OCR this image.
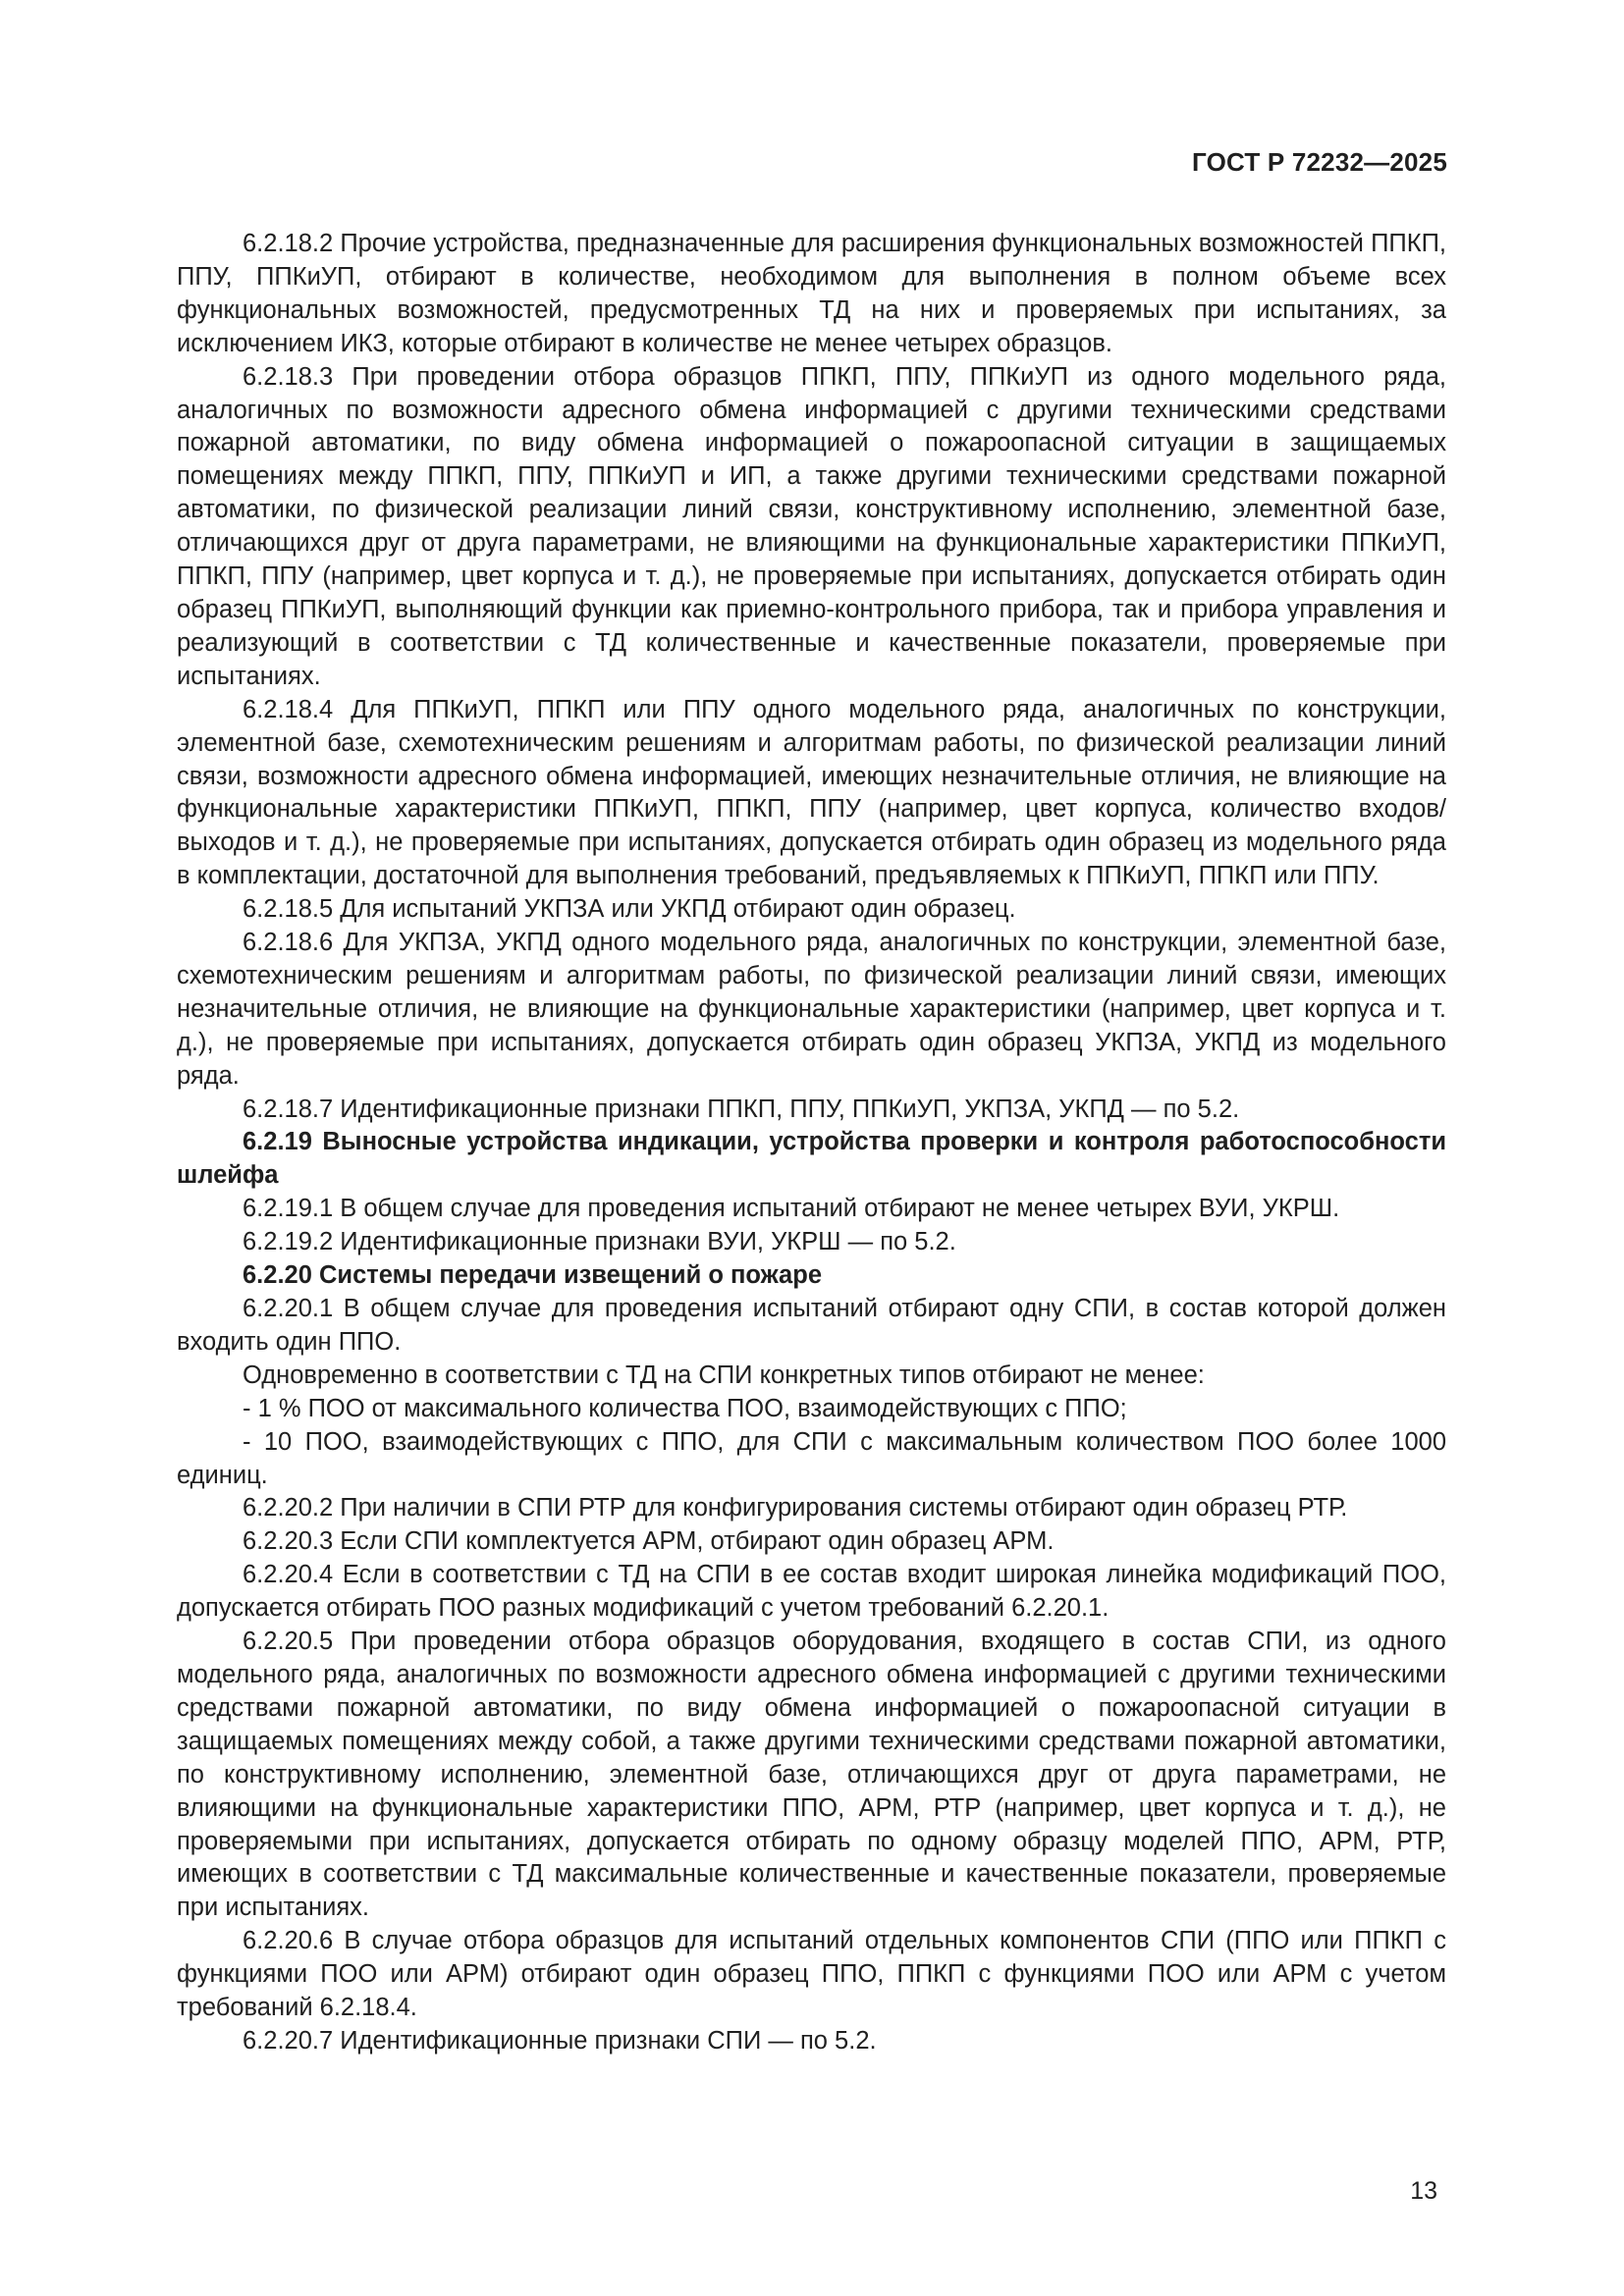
ГОСТ Р 72232—2025

6.2.18.2 Прочие устройства, предназначенные для расширения функциональных возможностей ППКП, ППУ, ППКиУП, отбирают в количестве, необходимом для выполнения в полном объеме всех функциональных возможностей, предусмотренных ТД на них и проверяемых при испытаниях, за исключением ИКЗ, которые отбирают в количестве не менее четырех образцов.

6.2.18.3 При проведении отбора образцов ППКП, ППУ, ППКиУП из одного модельного ряда, аналогичных по возможности адресного обмена информацией с другими техническими средствами пожарной автоматики, по виду обмена информацией о пожароопасной ситуации в защищаемых помещениях между ППКП, ППУ, ППКиУП и ИП, а также другими техническими средствами пожарной автоматики, по физической реализации линий связи, конструктивному исполнению, элементной базе, отличающихся друг от друга параметрами, не влияющими на функциональные характеристики ППКиУП, ППКП, ППУ (например, цвет корпуса и т. д.), не проверяемые при испытаниях, допускается отбирать один образец ППКиУП, выполняющий функции как приемно-контрольного прибора, так и прибора управления и реализующий в соответствии с ТД количественные и качественные показатели, проверяемые при испытаниях.

6.2.18.4 Для ППКиУП, ППКП или ППУ одного модельного ряда, аналогичных по конструкции, элементной базе, схемотехническим решениям и алгоритмам работы, по физической реализации линий связи, возможности адресного обмена информацией, имеющих незначительные отличия, не влияющие на функциональные характеристики ППКиУП, ППКП, ППУ (например, цвет корпуса, количество входов/выходов и т. д.), не проверяемые при испытаниях, допускается отбирать один образец из модельного ряда в комплектации, достаточной для выполнения требований, предъявляемых к ППКиУП, ППКП или ППУ.

6.2.18.5 Для испытаний УКПЗА или УКПД отбирают один образец.

6.2.18.6 Для УКПЗА, УКПД одного модельного ряда, аналогичных по конструкции, элементной базе, схемотехническим решениям и алгоритмам работы, по физической реализации линий связи, имеющих незначительные отличия, не влияющие на функциональные характеристики (например, цвет корпуса и т. д.), не проверяемые при испытаниях, допускается отбирать один образец УКПЗА, УКПД из модельного ряда.

6.2.18.7 Идентификационные признаки ППКП, ППУ, ППКиУП, УКПЗА, УКПД — по 5.2.

6.2.19 Выносные устройства индикации, устройства проверки и контроля работоспособности шлейфа

6.2.19.1 В общем случае для проведения испытаний отбирают не менее четырех ВУИ, УКРШ.

6.2.19.2 Идентификационные признаки ВУИ, УКРШ — по 5.2.

6.2.20 Системы передачи извещений о пожаре

6.2.20.1 В общем случае для проведения испытаний отбирают одну СПИ, в состав которой должен входить один ППО.

Одновременно в соответствии с ТД на СПИ конкретных типов отбирают не менее:

- 1 % ПОО от максимального количества ПОО, взаимодействующих с ППО;

- 10 ПОО, взаимодействующих с ППО, для СПИ с максимальным количеством ПОО более 1000 единиц.

6.2.20.2 При наличии в СПИ РТР для конфигурирования системы отбирают один образец РТР.

6.2.20.3 Если СПИ комплектуется АРМ, отбирают один образец АРМ.

6.2.20.4 Если в соответствии с ТД на СПИ в ее состав входит широкая линейка модификаций ПОО, допускается отбирать ПОО разных модификаций с учетом требований 6.2.20.1.

6.2.20.5 При проведении отбора образцов оборудования, входящего в состав СПИ, из одного модельного ряда, аналогичных по возможности адресного обмена информацией с другими техническими средствами пожарной автоматики, по виду обмена информацией о пожароопасной ситуации в защищаемых помещениях между собой, а также другими техническими средствами пожарной автоматики, по конструктивному исполнению, элементной базе, отличающихся друг от друга параметрами, не влияющими на функциональные характеристики ППО, АРМ, РТР (например, цвет корпуса и т. д.), не проверяемыми при испытаниях, допускается отбирать по одному образцу моделей ППО, АРМ, РТР, имеющих в соответствии с ТД максимальные количественные и качественные показатели, проверяемые при испытаниях.

6.2.20.6 В случае отбора образцов для испытаний отдельных компонентов СПИ (ППО или ППКП с функциями ПОО или АРМ) отбирают один образец ППО, ППКП с функциями ПОО или АРМ с учетом требований 6.2.18.4.

6.2.20.7 Идентификационные признаки СПИ — по 5.2.

13
